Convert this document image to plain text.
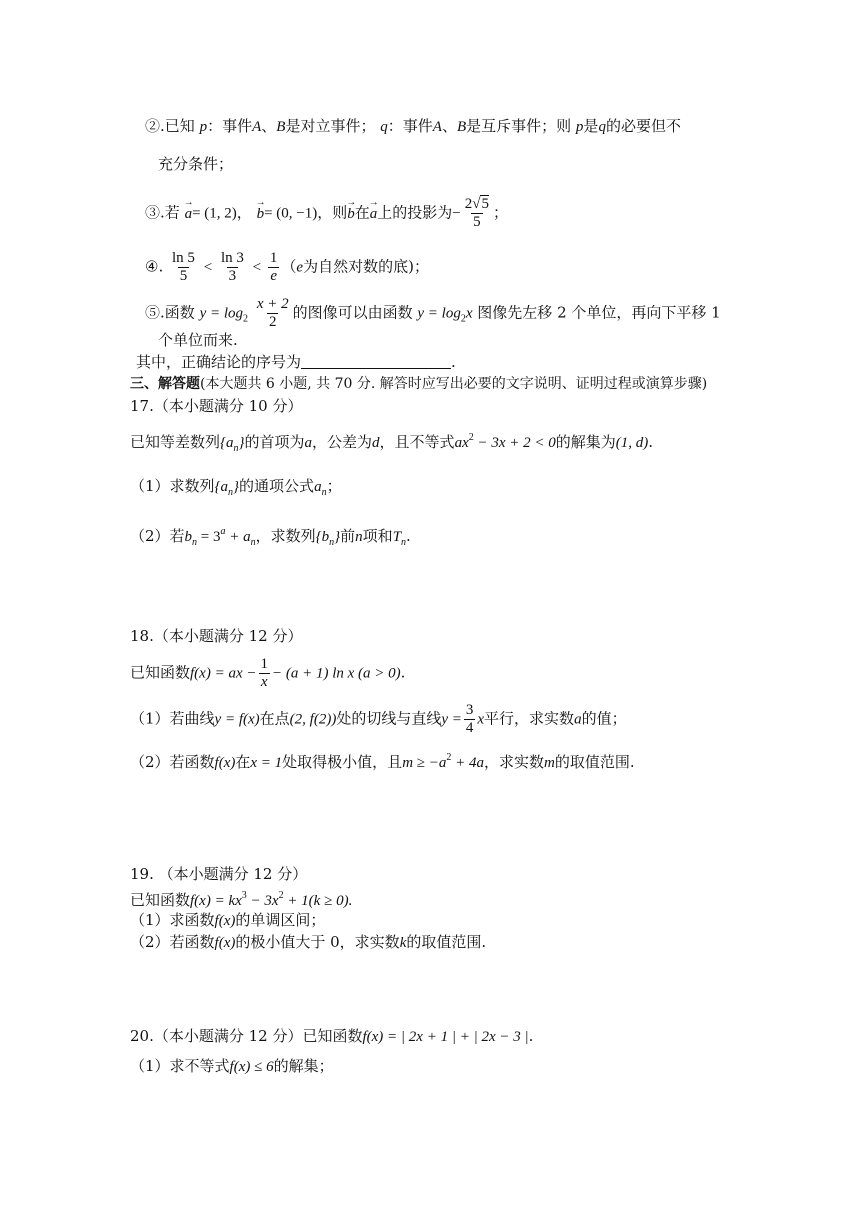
②.已知 p：事件A、B是对立事件； q：事件A、B是互斥事件；则 p是q的必要但不
充分条件；
③.若 → a= (1, 2)， → b= (0, −1)，则→ b在→ a上的投影为− $\frac{2√5}{5}$ ；
④. $\frac{\ln 5}{5} < \frac{\ln 3}{3} < \frac{1}{e} (e$为自然对数的底)；
⑤.函数 $y = \log_2 \frac{x + 2}{2}$ 的图像可以由函数 $y = \log_2x$ 图像先左移 2 个单位，再向下平移 1
个单位而来.
其中，正确结论的序号为	.
三、解答题(本大题共 6 小题, 共 70 分. 解答时应写出必要的文字说明、证明过程或演算步骤)
17.（本小题满分 10 分）
已知等差数列$\{a_n\}$的首项为a，公差为d，且不等式$ax^2 - 3x + 2 < 0$的解集为(1, d).
（1）求数列$\{a_n\}$的通项公式$a_n$；
（2）若$b_n = 3^a + a_n$，求数列$\{b_n\}$前n项和$T_n$.
18.（本小题满分 12 分）
已知函数f(x) = ax − $\frac{1}{x} - (a + 1)$ ln x (a > 0).
（1）若曲线y = f(x)在点(2, f(2))处的切线与直线$y = \frac{3}{4}$ x平行，求实数a的值；
（2）若函数f(x)在x = 1处取得极小值，且$m \ge -a^2 + 4a$，求实数m的取值范围.
19. （本小题满分 12 分）
已知函数$f(x) = kx^3 - 3x^2 + 1(k \ge 0)$.
（1）求函数f(x)的单调区间；
（2）若函数f(x)的极小值大于 0，求实数k的取值范围.
20.（本小题满分 12 分）已知函数f(x) = | 2x + 1 | + | 2x − 3 |.
（1）求不等式f(x) ≤ 6的解集；
